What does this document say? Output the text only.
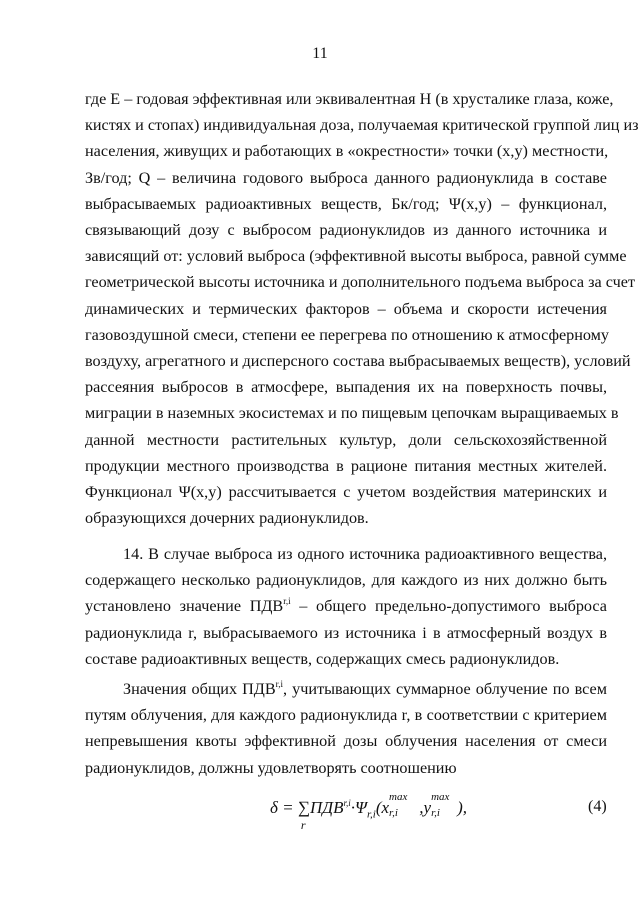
11
где Е – годовая эффективная или эквивалентная Н (в хрусталике глаза, коже,
кистях и стопах) индивидуальная доза, получаемая критической группой лиц из
населения, живущих и работающих в «окрестности» точки (x,y) местности,
Зв/год; Q – величина годового выброса данного радионуклида в составе
выбрасываемых радиоактивных веществ, Бк/год; Ψ(x,y) – функционал,
связывающий дозу с выбросом радионуклидов из данного источника и
зависящий от: условий выброса (эффективной высоты выброса, равной сумме
геометрической высоты источника и дополнительного подъема выброса за счет
динамических и термических факторов – объема и скорости истечения
газовоздушной смеси, степени ее перегрева по отношению к атмосферному
воздуху, агрегатного и дисперсного состава выбрасываемых веществ), условий
рассеяния выбросов в атмосфере, выпадения их на поверхность почвы,
миграции в наземных экосистемах и по пищевым цепочкам выращиваемых в
данной местности растительных культур, доли сельскохозяйственной
продукции местного производства в рационе питания местных жителей.
Функционал Ψ(x,y) рассчитывается с учетом воздействия материнских и
образующихся дочерних радионуклидов.
14. В случае выброса из одного источника радиоактивного вещества,
содержащего несколько радионуклидов, для каждого из них должно быть
установлено значение ПДВ$^{r,i}$ – общего предельно-допустимого выброса
радионуклида r, выбрасываемого из источника i в атмосферный воздух в
составе радиоактивных веществ, содержащих смесь радионуклидов.
Значения общих ПДВ$^{r,i}$, учитывающих суммарное облучение по всем
путям облучения, для каждого радионуклида r, в соответствии с критерием
непревышения квоты эффективной дозы облучения населения от смеси
радионуклидов, должны удовлетворять соотношению
δ = ∑
r
$ПДВ^{r,i}\cdot\Psi_{r,i}(x$
max
r,i ,y
max
r,i ),	(4)
